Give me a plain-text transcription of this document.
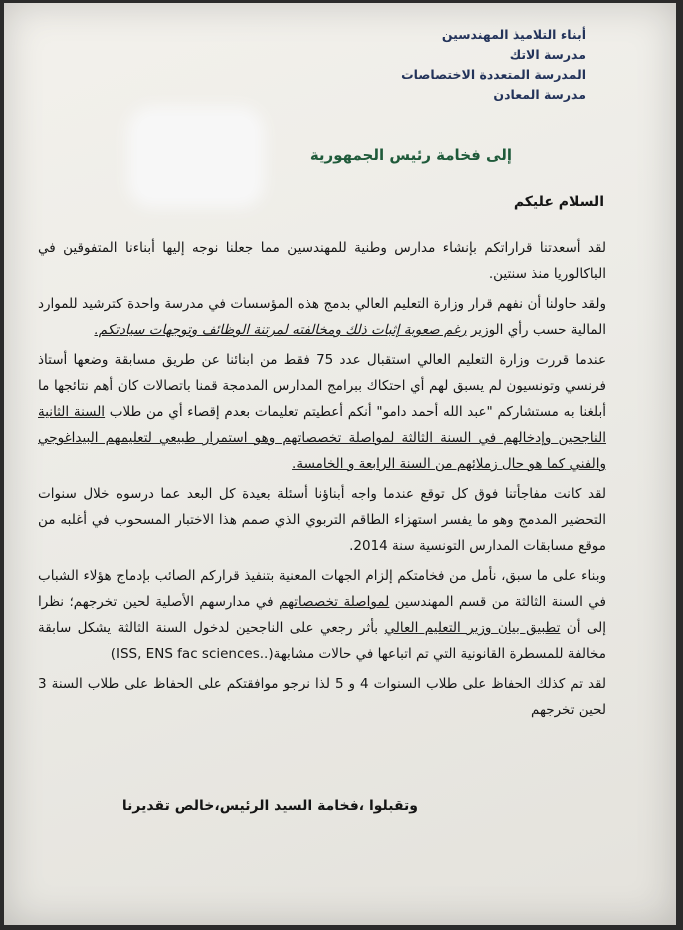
أبناء التلاميذ المهندسين
مدرسة الاتك
المدرسة المتعددة الاختصاصات
مدرسة المعادن
إلى فخامة رئيس الجمهورية
السلام عليكم

لقد أسعدتنا قراراتكم بإنشاء مدارس وطنية للمهندسين مما جعلنا نوجه إليها أبناءنا المتفوقين في الباكالوريا منذ سنتين.

ولقد حاولنا أن نفهم قرار وزارة التعليم العالي بدمج هذه المؤسسات في مدرسة واحدة كترشيد للموارد المالية حسب رأي الوزير رغم صعوبة إثبات ذلك ومخالفته لمرتنة الوظائف وتوجهات سيادتكم.

عندما قررت وزارة التعليم العالي استقبال عدد 75 فقط من ابنائنا عن طريق مسابقة وضعها أستاذ فرنسي وتونسيون لم يسبق لهم أي احتكاك ببرامج المدارس المدمجة قمنا باتصالات كان أهم نتائجها ما أبلغنا به مستشاركم "عبد الله أحمد دامو" أنكم أعطيتم تعليمات بعدم إقصاء أي من طلاب السنة الثانية الناجحين وإدخالهم في السنة الثالثة لمواصلة تخصصاتهم وهو استمرار طبيعي لتعليمهم البيداغوجي والفني كما هو حال زملائهم من السنة الرابعة و الخامسة.

لقد كانت مفاجأتنا فوق كل توقع عندما واجه أبناؤنا أسئلة بعيدة كل البعد عما درسوه خلال سنوات التحضير المدمج وهو ما يفسر استهزاء الطاقم التربوي الذي صمم هذا الاختبار المسحوب في أغلبه من موقع مسابقات المدارس التونسية سنة 2014.

وبناء على ما سبق، نأمل من فخامتكم إلزام الجهات المعنية بتنفيذ قراركم الصائب بإدماج هؤلاء الشباب في السنة الثالثة من قسم المهندسين لمواصلة تخصصاتهم في مدارسهم الأصلية لحين تخرجهم؛ نظرا إلى أن تطبيق بيان وزير التعليم العالي بأثر رجعي على الناجحين لدخول السنة الثالثة يشكل سابقة مخالفة للمسطرة القانونية التي تم اتباعها في حالات مشابهة(..ISS, ENS fac sciences)

لقد تم كذلك الحفاظ على طلاب السنوات 4 و 5 لذا نرجو موافقتكم على الحفاظ على طلاب السنة 3 لحين تخرجهم

وتقبلوا ،فخامة السيد الرئيس،خالص تقديرنا
